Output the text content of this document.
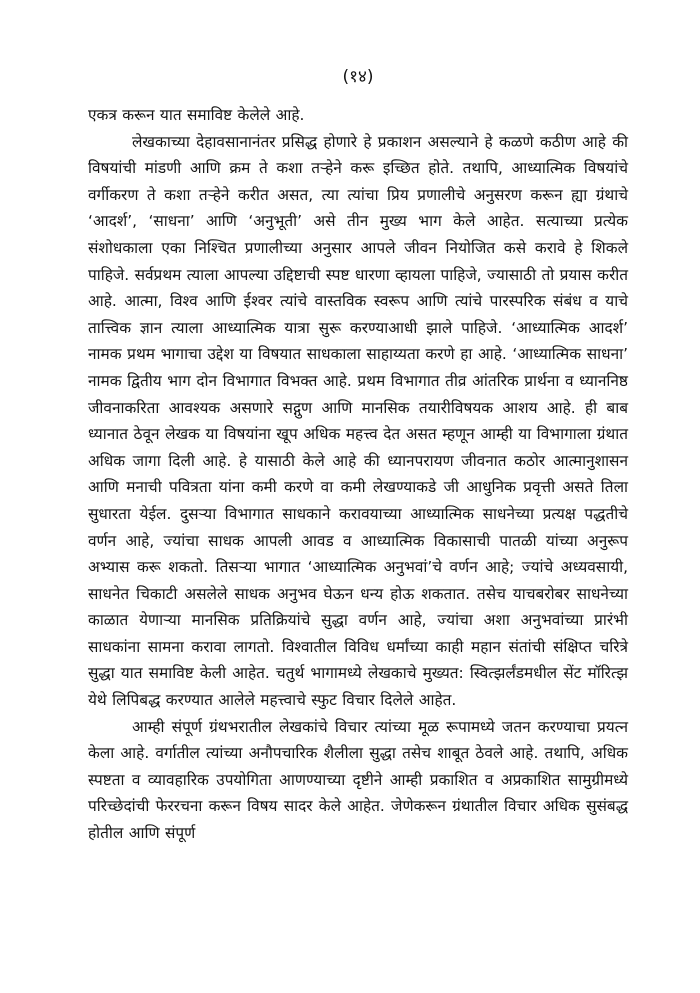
(१४)

एकत्र करून यात समाविष्ट केलेले आहे.

लेखकाच्या देहावसानानंतर प्रसिद्ध होणारे हे प्रकाशन असल्याने हे कळणे कठीण आहे की विषयांची मांडणी आणि क्रम ते कशा तऱ्हेने करू इच्छित होते. तथापि, आध्यात्मिक विषयांचे वर्गीकरण ते कशा तऱ्हेने करीत असत, त्या त्यांचा प्रिय प्रणालीचे अनुसरण करून ह्या ग्रंथाचे ‘आदर्श’, ‘साधना’ आणि ‘अनुभूती’ असे तीन मुख्य भाग केले आहेत. सत्याच्या प्रत्येक संशोधकाला एका निश्चित प्रणालीच्या अनुसार आपले जीवन नियोजित कसे करावे हे शिकले पाहिजे. सर्वप्रथम त्याला आपल्या उद्दिष्टाची स्पष्ट धारणा व्हायला पाहिजे, ज्यासाठी तो प्रयास करीत आहे. आत्मा, विश्व आणि ईश्वर त्यांचे वास्तविक स्वरूप आणि त्यांचे पारस्परिक संबंध व याचे तात्त्विक ज्ञान त्याला आध्यात्मिक यात्रा सुरू करण्याआधी झाले पाहिजे. ‘आध्यात्मिक आदर्श’ नामक प्रथम भागाचा उद्देश या विषयात साधकाला साहाय्यता करणे हा आहे. ‘आध्यात्मिक साधना’ नामक द्वितीय भाग दोन विभागात विभक्त आहे. प्रथम विभागात तीव्र आंतरिक प्रार्थना व ध्याननिष्ठ जीवनाकरिता आवश्यक असणारे सद्गुण आणि मानसिक तयारीविषयक आशय आहे. ही बाब ध्यानात ठेवून लेखक या विषयांना खूप अधिक महत्त्व देत असत म्हणून आम्ही या विभागाला ग्रंथात अधिक जागा दिली आहे. हे यासाठी केले आहे की ध्यानपरायण जीवनात कठोर आत्मानुशासन आणि मनाची पवित्रता यांना कमी करणे वा कमी लेखण्याकडे जी आधुनिक प्रवृत्ती असते तिला सुधारता येईल. दुसऱ्या विभागात साधकाने करावयाच्या आध्यात्मिक साधनेच्या प्रत्यक्ष पद्धतीचे वर्णन आहे, ज्यांचा साधक आपली आवड व आध्यात्मिक विकासाची पातळी यांच्या अनुरूप अभ्यास करू शकतो. तिसऱ्या भागात ‘आध्यात्मिक अनुभवां’चे वर्णन आहे; ज्यांचे अध्यवसायी, साधनेत चिकाटी असलेले साधक अनुभव घेऊन धन्य होऊ शकतात. तसेच याचबरोबर साधनेच्या काळात येणाऱ्या मानसिक प्रतिक्रियांचे सुद्धा वर्णन आहे, ज्यांचा अशा अनुभवांच्या प्रारंभी साधकांना सामना करावा लागतो. विश्वातील विविध धर्मांच्या काही महान संतांची संक्षिप्त चरित्रे सुद्धा यात समाविष्ट केली आहेत. चतुर्थ भागामध्ये लेखकाचे मुख्यत: स्वित्झर्लंडमधील सेंट मॉरित्झ येथे लिपिबद्ध करण्यात आलेले महत्त्वाचे स्फुट विचार दिलेले आहेत.

आम्ही संपूर्ण ग्रंथभरातील लेखकांचे विचार त्यांच्या मूळ रूपामध्ये जतन करण्याचा प्रयत्न केला आहे. वर्गातील त्यांच्या अनौपचारिक शैलीला सुद्धा तसेच शाबूत ठेवले आहे. तथापि, अधिक स्पष्टता व व्यावहारिक उपयोगिता आणण्याच्या दृष्टीने आम्ही प्रकाशित व अप्रकाशित सामुग्रीमध्ये परिच्छेदांची फेररचना करून विषय सादर केले आहेत. जेणेकरून ग्रंथातील विचार अधिक सुसंबद्ध होतील आणि संपूर्ण
